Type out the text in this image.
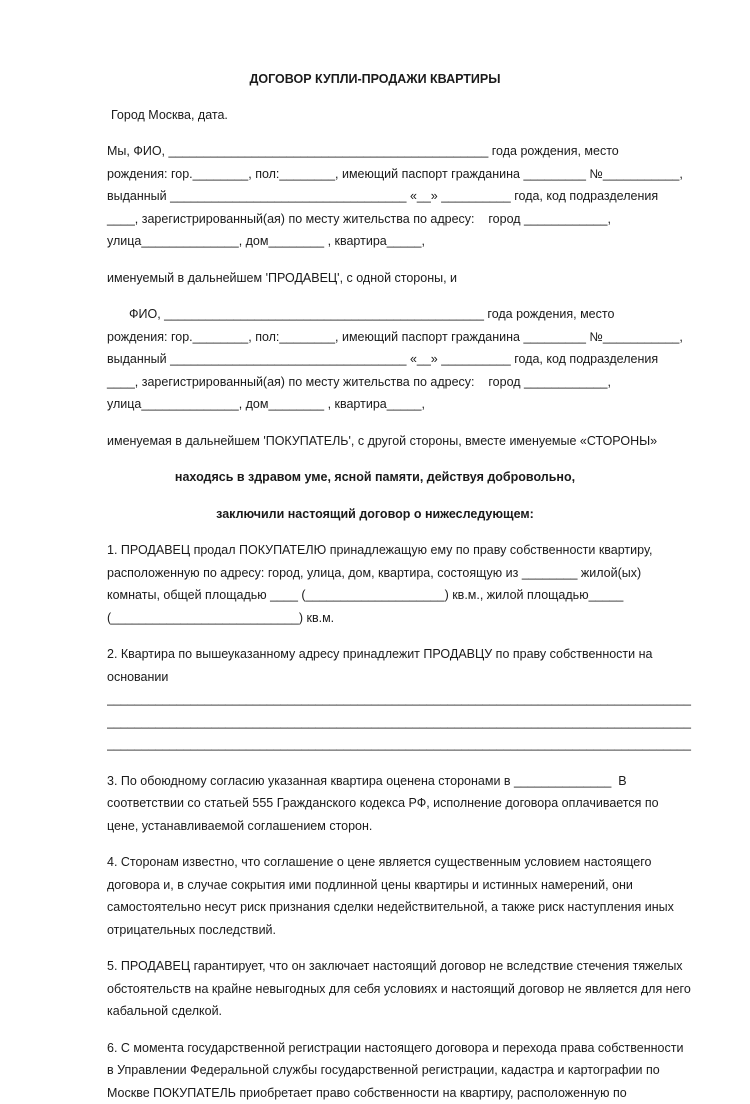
ДОГОВОР КУПЛИ-ПРОДАЖИ КВАРТИРЫ

Город Москва, дата.

Мы, ФИО, ______________________________________________ года рождения, место

рождения: гор.________, пол:________, имеющий паспорт гражданина _________ №___________,

выданный __________________________________ «__» __________ года, код подразделения

____, зарегистрированный(ая) по месту жительства по адресу:    город ____________,

улица______________, дом________ , квартира_____,

именуемый в дальнейшем 'ПРОДАВЕЦ', с одной стороны, и

ФИО, ______________________________________________ года рождения, место

рождения: гор.________, пол:________, имеющий паспорт гражданина _________ №___________,

выданный __________________________________ «__» __________ года, код подразделения

____, зарегистрированный(ая) по месту жительства по адресу:    город ____________,

улица______________, дом________ , квартира_____,

именуемая в дальнейшем 'ПОКУПАТЕЛЬ', с другой стороны, вместе именуемые «СТОРОНЫ»

находясь в здравом уме, ясной памяти, действуя добровольно,

заключили настоящий договор о нижеследующем:

1. ПРОДАВЕЦ продал ПОКУПАТЕЛЮ принадлежащую ему по праву собственности квартиру,

расположенную по адресу: город, улица, дом, квартира, состоящую из ________ жилой(ых)

комнаты, общей площадью ____ (____________________) кв.м., жилой площадью_____

(___________________________) кв.м.

2. Квартира по вышеуказанному адресу принадлежит ПРОДАВЦУ по праву собственности на

основании

____________________________________________________________________________________

____________________________________________________________________________________

____________________________________________________________________________________

3. По обоюдному согласию указанная квартира оценена сторонами в ______________  В

соответствии со статьей 555 Гражданского кодекса РФ, исполнение договора оплачивается по

цене, устанавливаемой соглашением сторон.

4. Сторонам известно, что соглашение о цене является существенным условием настоящего

договора и, в случае сокрытия ими подлинной цены квартиры и истинных намерений, они

самостоятельно несут риск признания сделки недействительной, а также риск наступления иных

отрицательных последствий.

5. ПРОДАВЕЦ гарантирует, что он заключает настоящий договор не вследствие стечения тяжелых

обстоятельств на крайне невыгодных для себя условиях и настоящий договор не является для него

кабальной сделкой.

6. С момента государственной регистрации настоящего договора и перехода права собственности

в Управлении Федеральной службы государственной регистрации, кадастра и картографии по

Москве ПОКУПАТЕЛЬ приобретает право собственности на квартиру, расположенную по
